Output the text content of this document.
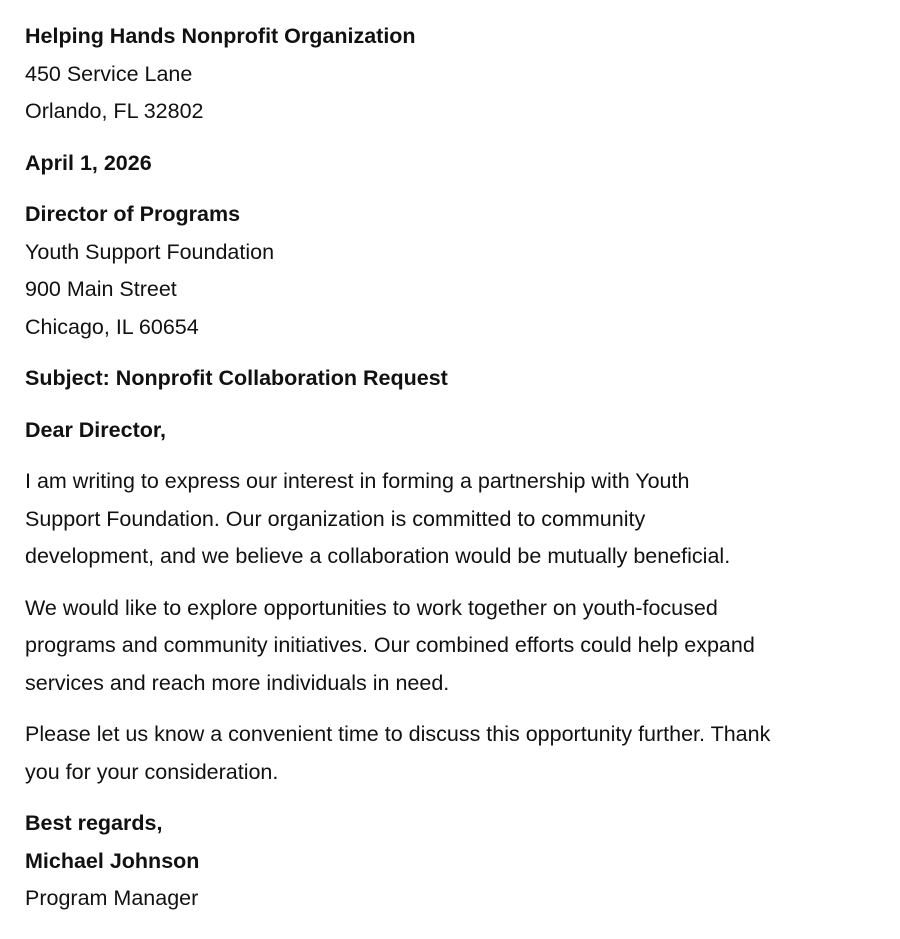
Helping Hands Nonprofit Organization
450 Service Lane
Orlando, FL 32802
April 1, 2026
Director of Programs
Youth Support Foundation
900 Main Street
Chicago, IL 60654
Subject: Nonprofit Collaboration Request
Dear Director,
I am writing to express our interest in forming a partnership with Youth
Support Foundation. Our organization is committed to community
development, and we believe a collaboration would be mutually beneficial.
We would like to explore opportunities to work together on youth-focused
programs and community initiatives. Our combined efforts could help expand
services and reach more individuals in need.
Please let us know a convenient time to discuss this opportunity further. Thank
you for your consideration.
Best regards,
Michael Johnson
Program Manager
